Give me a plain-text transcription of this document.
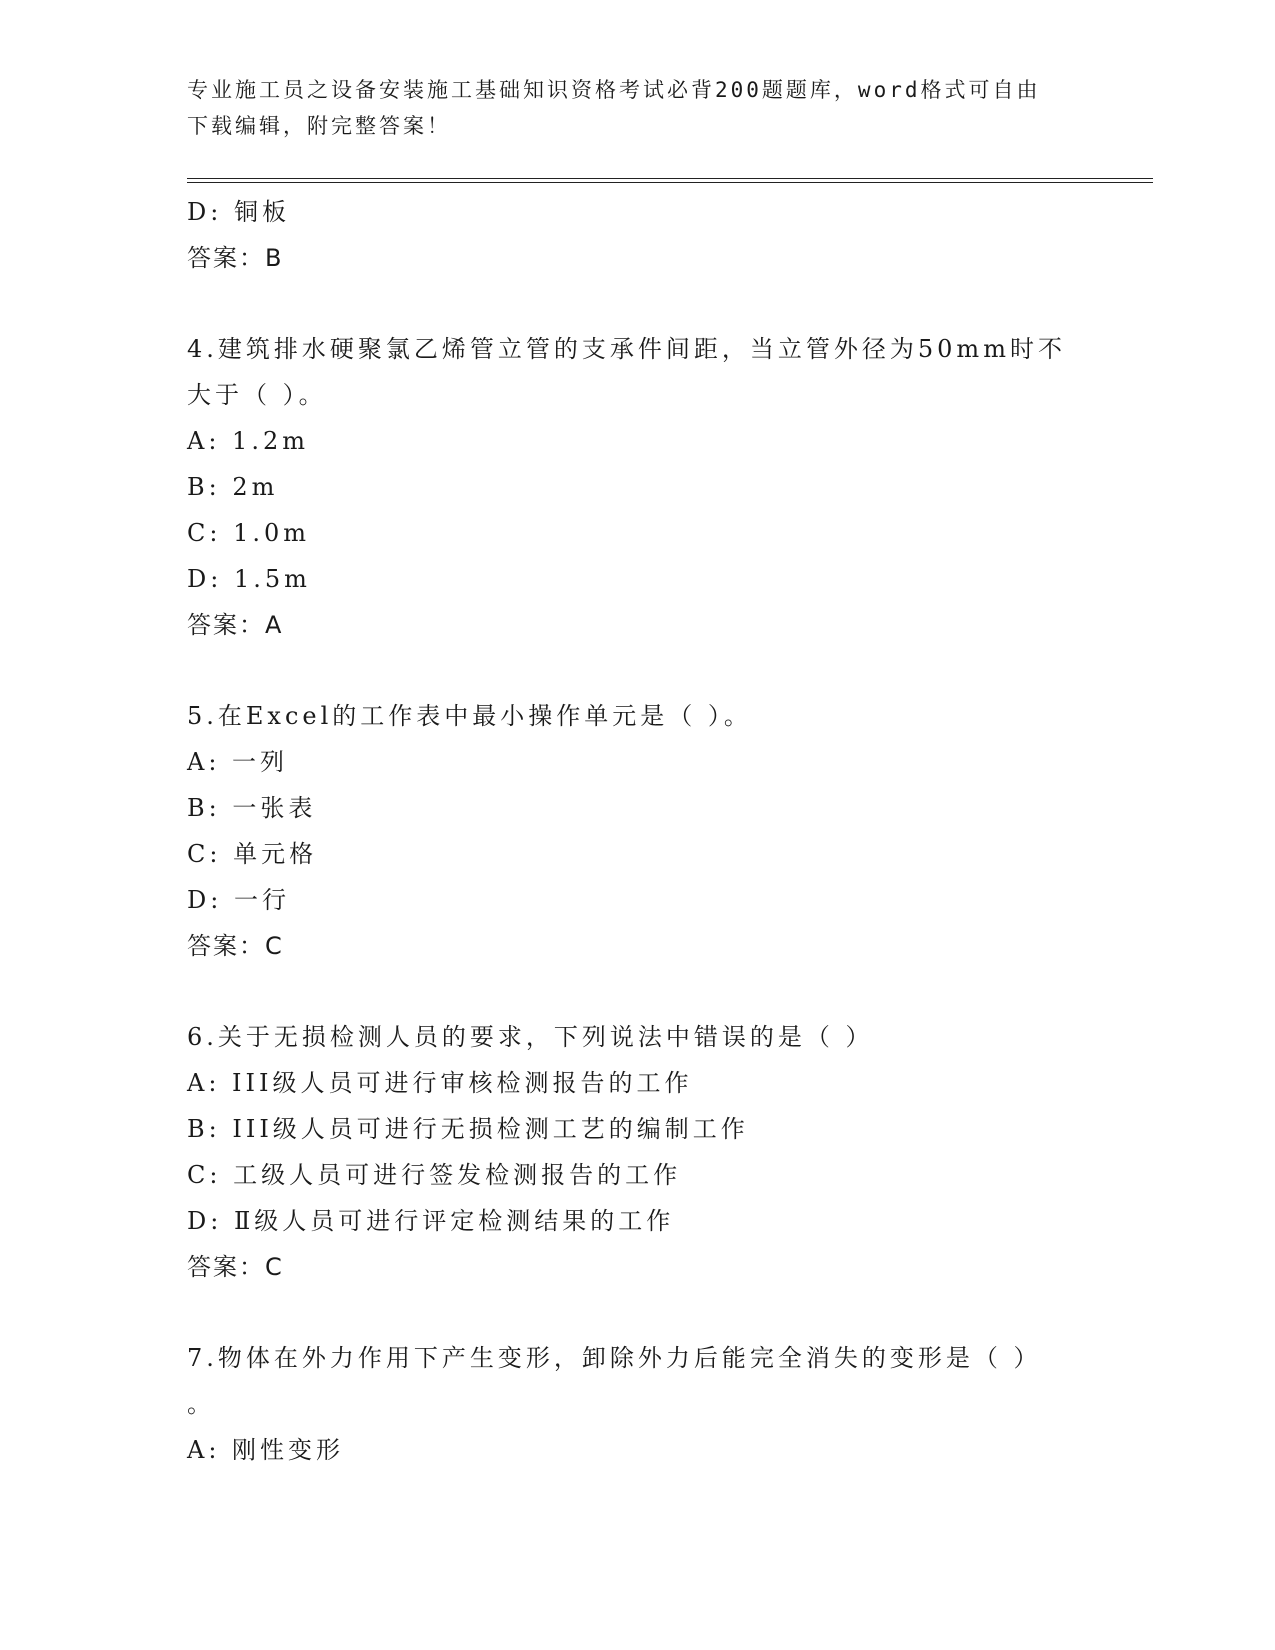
专业施工员之设备安装施工基础知识资格考试必背200题题库，word格式可自由
下载编辑，附完整答案！
D: 铜板
答案：B
4.建筑排水硬聚氯乙烯管立管的支承件间距，当立管外径为50mm时不
大于（ ）。
A: 1.2m
B: 2m
C: 1.0m
D: 1.5m
答案：A
5.在Excel的工作表中最小操作单元是（ ）。
A: 一列
B: 一张表
C: 单元格
D: 一行
答案：C
6.关于无损检测人员的要求，下列说法中错误的是（ ）
A: III级人员可进行审核检测报告的工作
B: III级人员可进行无损检测工艺的编制工作
C: 工级人员可进行签发检测报告的工作
D: Ⅱ级人员可进行评定检测结果的工作
答案：C
7.物体在外力作用下产生变形，卸除外力后能完全消失的变形是（ ）
。
A: 刚性变形
